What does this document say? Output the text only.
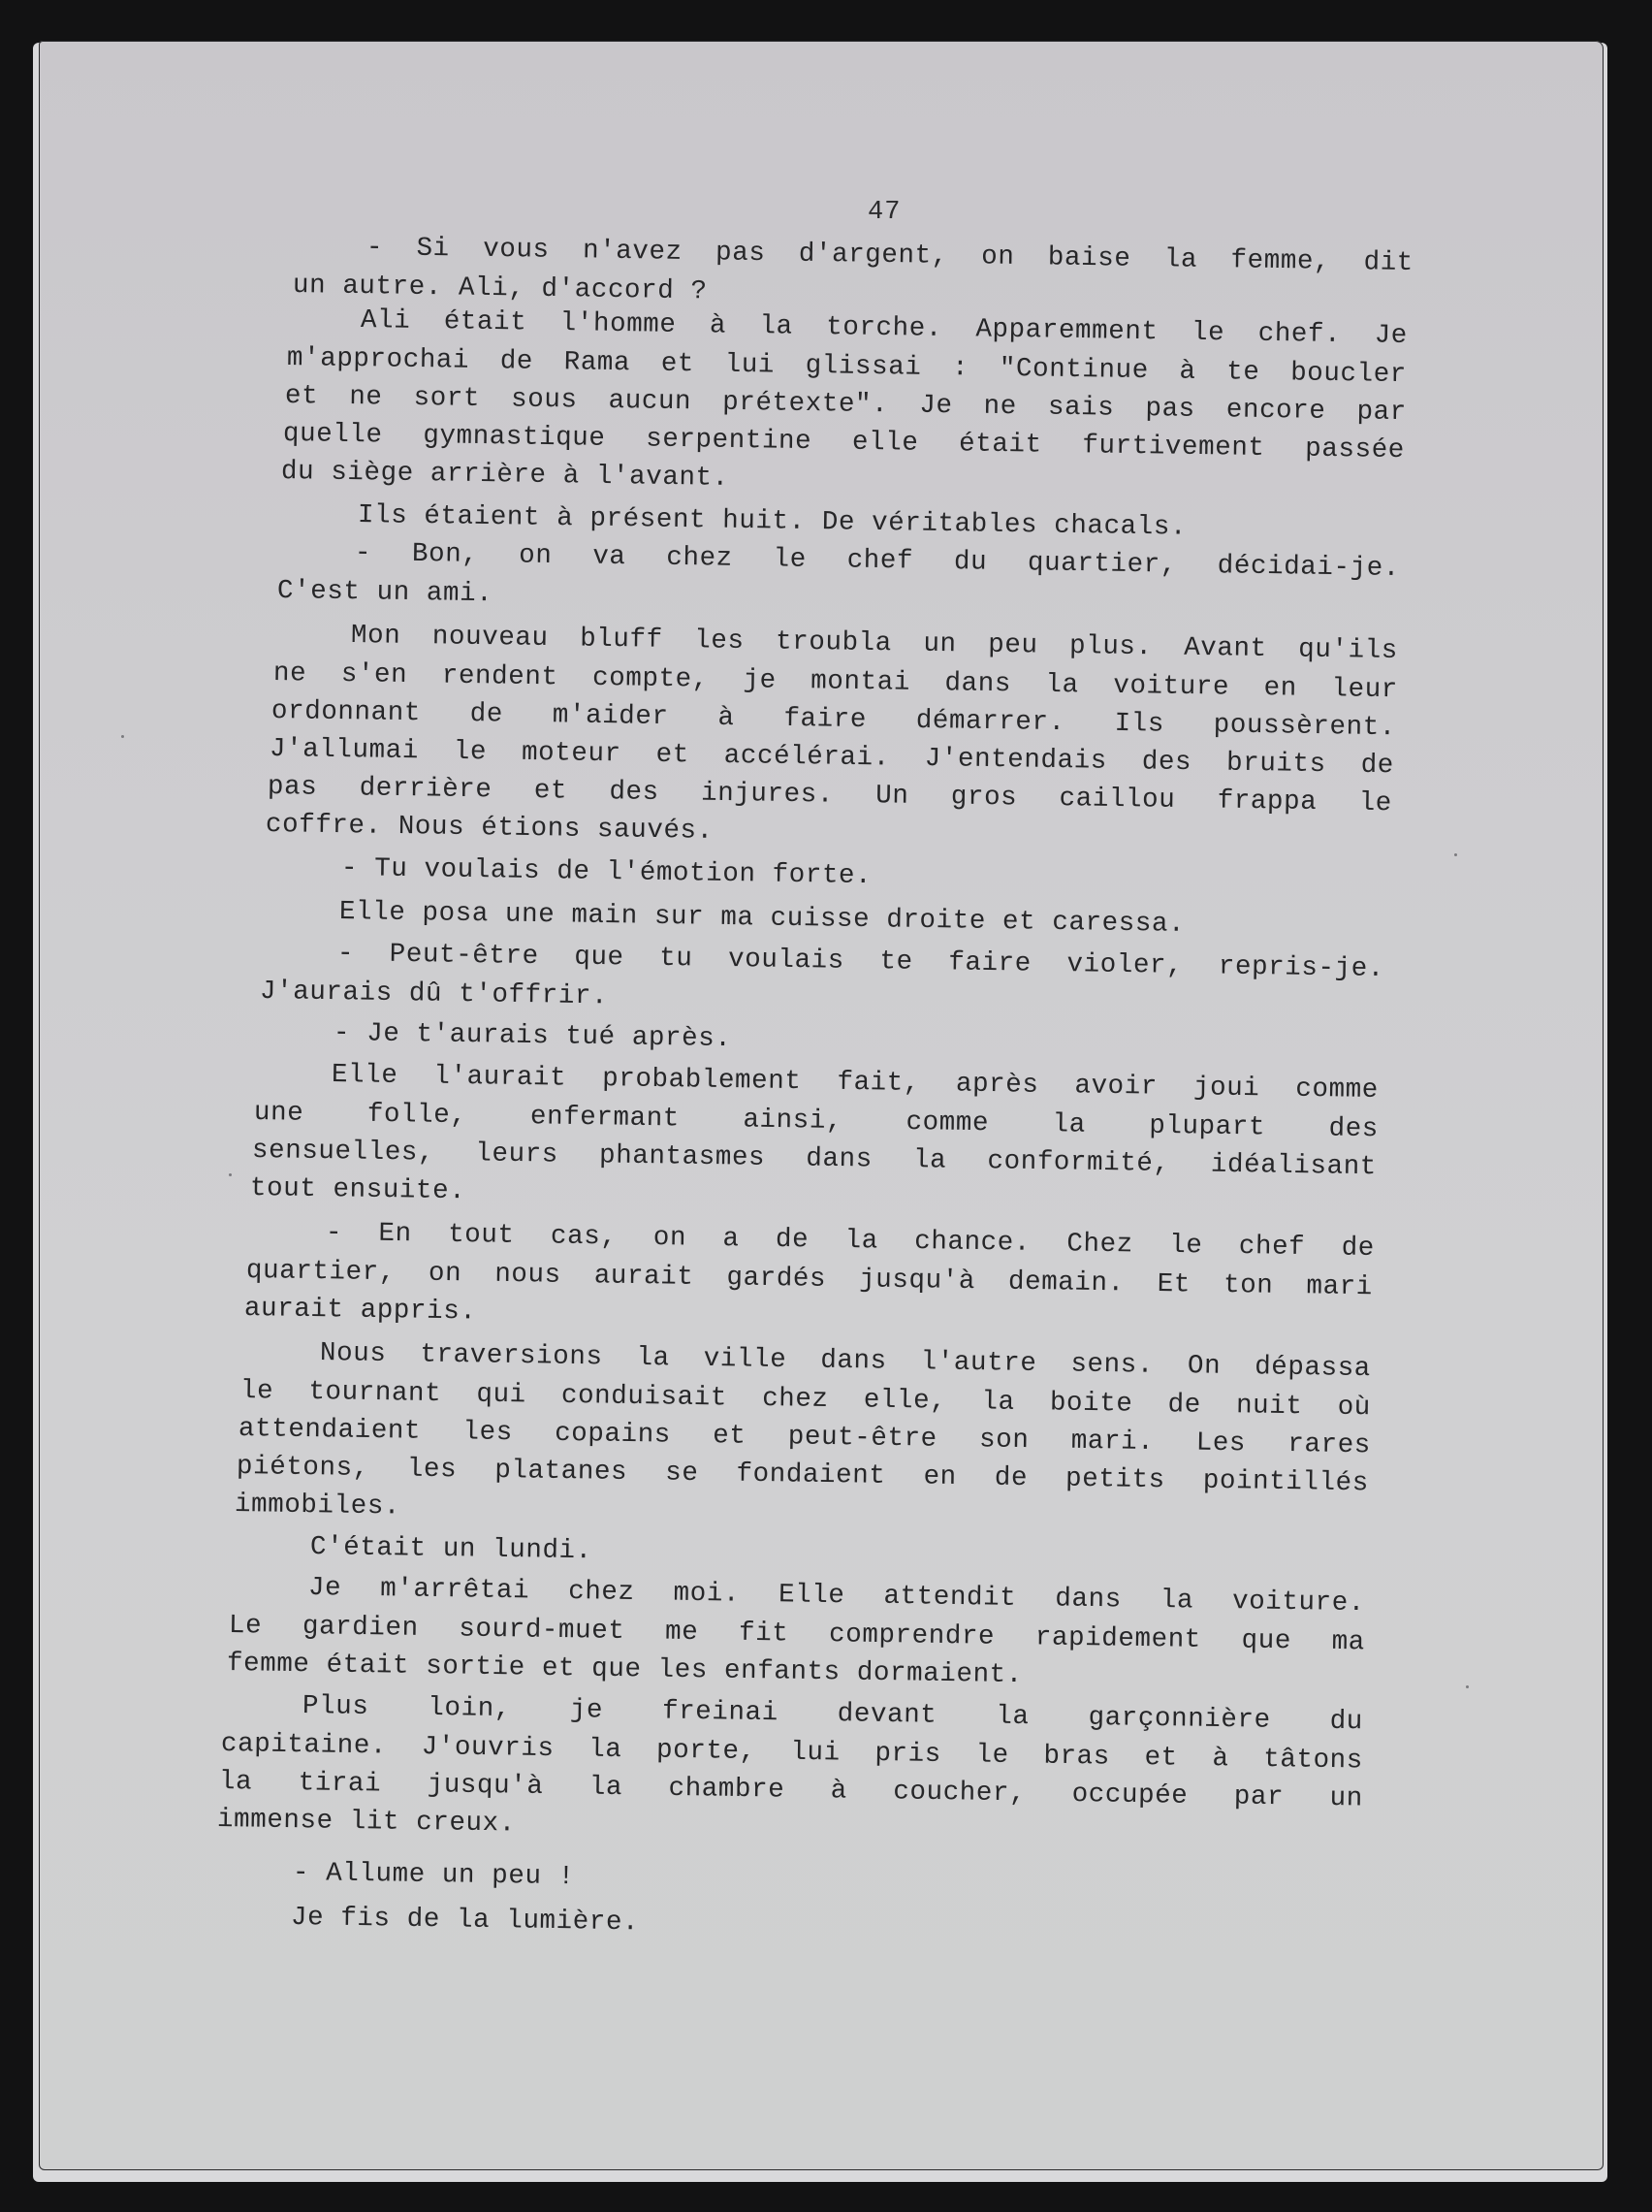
47
- Si vous n'avez pas d'argent, on baise la femme, dit
un autre. Ali, d'accord ?
Ali était l'homme à la torche. Apparemment le chef. Je
m'approchai de Rama et lui glissai : "Continue à te boucler
et ne sort sous aucun prétexte". Je ne sais pas encore par
quelle gymnastique serpentine elle était furtivement passée
du siège arrière à l'avant.
Ils étaient à présent huit. De véritables chacals.
- Bon, on va chez le chef du quartier, décidai-je.
C'est un ami.
Mon nouveau bluff les troubla un peu plus. Avant qu'ils
ne s'en rendent compte, je montai dans la voiture en leur
ordonnant de m'aider à faire démarrer. Ils poussèrent.
J'allumai le moteur et accélérai. J'entendais des bruits de
pas derrière et des injures. Un gros caillou frappa le
coffre. Nous étions sauvés.
- Tu voulais de l'émotion forte.
Elle posa une main sur ma cuisse droite et caressa.
- Peut-être que tu voulais te faire violer, repris-je.
J'aurais dû t'offrir.
- Je t'aurais tué après.
Elle l'aurait probablement fait, après avoir joui comme
une folle, enfermant ainsi, comme la plupart des
sensuelles, leurs phantasmes dans la conformité, idéalisant
tout ensuite.
- En tout cas, on a de la chance. Chez le chef de
quartier, on nous aurait gardés jusqu'à demain. Et ton mari
aurait appris.
Nous traversions la ville dans l'autre sens. On dépassa
le tournant qui conduisait chez elle, la boite de nuit où
attendaient les copains et peut-être son mari. Les rares
piétons, les platanes se fondaient en de petits pointillés
immobiles.
C'était un lundi.
Je m'arrêtai chez moi. Elle attendit dans la voiture.
Le gardien sourd-muet me fit comprendre rapidement que ma
femme était sortie et que les enfants dormaient.
Plus loin, je freinai devant la garçonnière du
capitaine. J'ouvris la porte, lui pris le bras et à tâtons
la tirai jusqu'à la chambre à coucher, occupée par un
immense lit creux.
- Allume un peu !
Je fis de la lumière.
